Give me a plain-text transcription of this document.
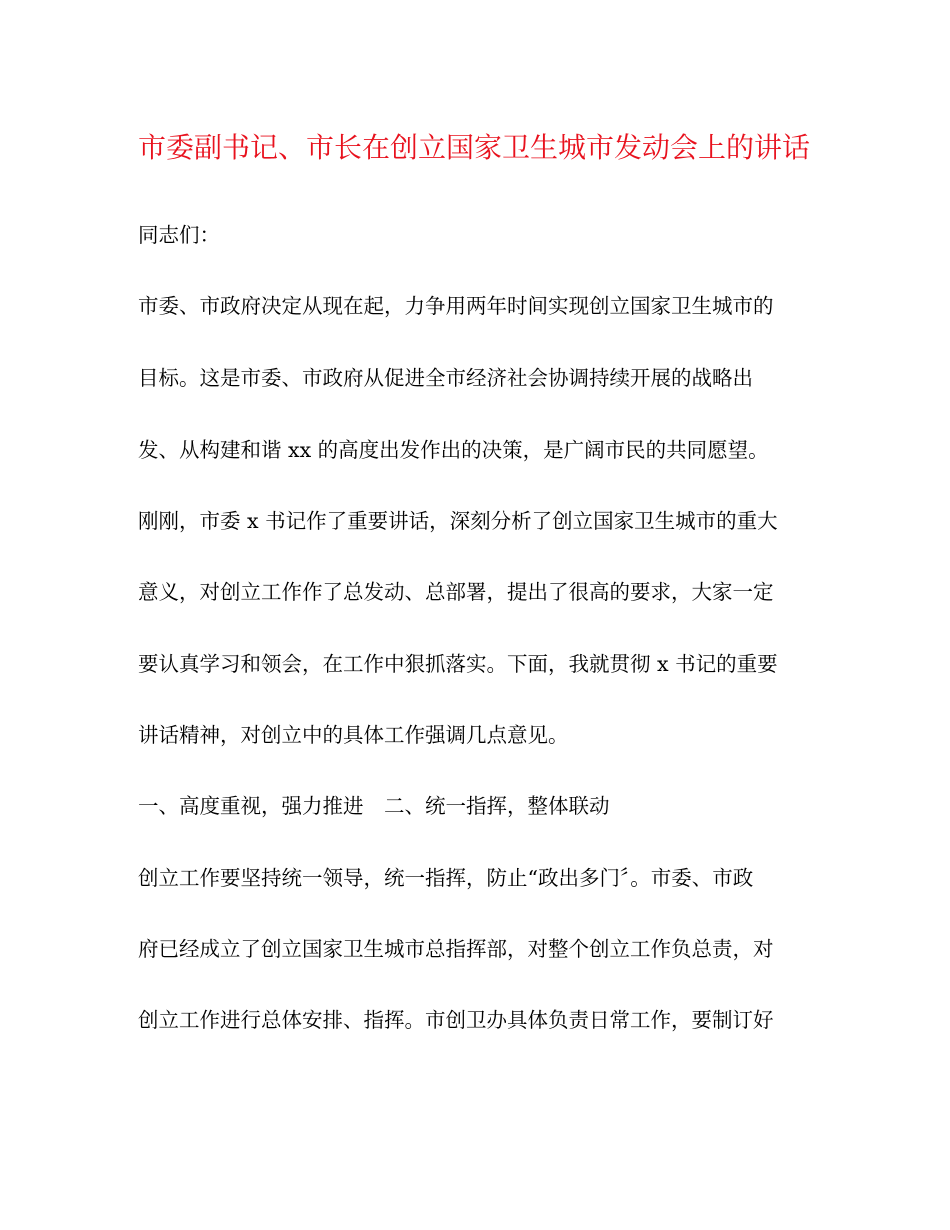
市委副书记、市长在创立国家卫生城市发动会上的讲话
同志们：
市委、市政府决定从现在起，力争用两年时间实现创立国家卫生城市的
目标。这是市委、市政府从促进全市经济社会协调持续开展的战略出
发、从构建和谐 xx 的高度出发作出的决策，是广阔市民的共同愿望。
刚刚，市委 x 书记作了重要讲话，深刻分析了创立国家卫生城市的重大
意义，对创立工作作了总发动、总部署，提出了很高的要求，大家一定
要认真学习和领会，在工作中狠抓落实。下面，我就贯彻 x 书记的重要
讲话精神，对创立中的具体工作强调几点意见。
一、高度重视，强力推进　二、统一指挥，整体联动
创立工作要坚持统一领导，统一指挥，防止“政出多门〞。市委、市政
府已经成立了创立国家卫生城市总指挥部，对整个创立工作负总责，对
创立工作进行总体安排、指挥。市创卫办具体负责日常工作，要制订好
